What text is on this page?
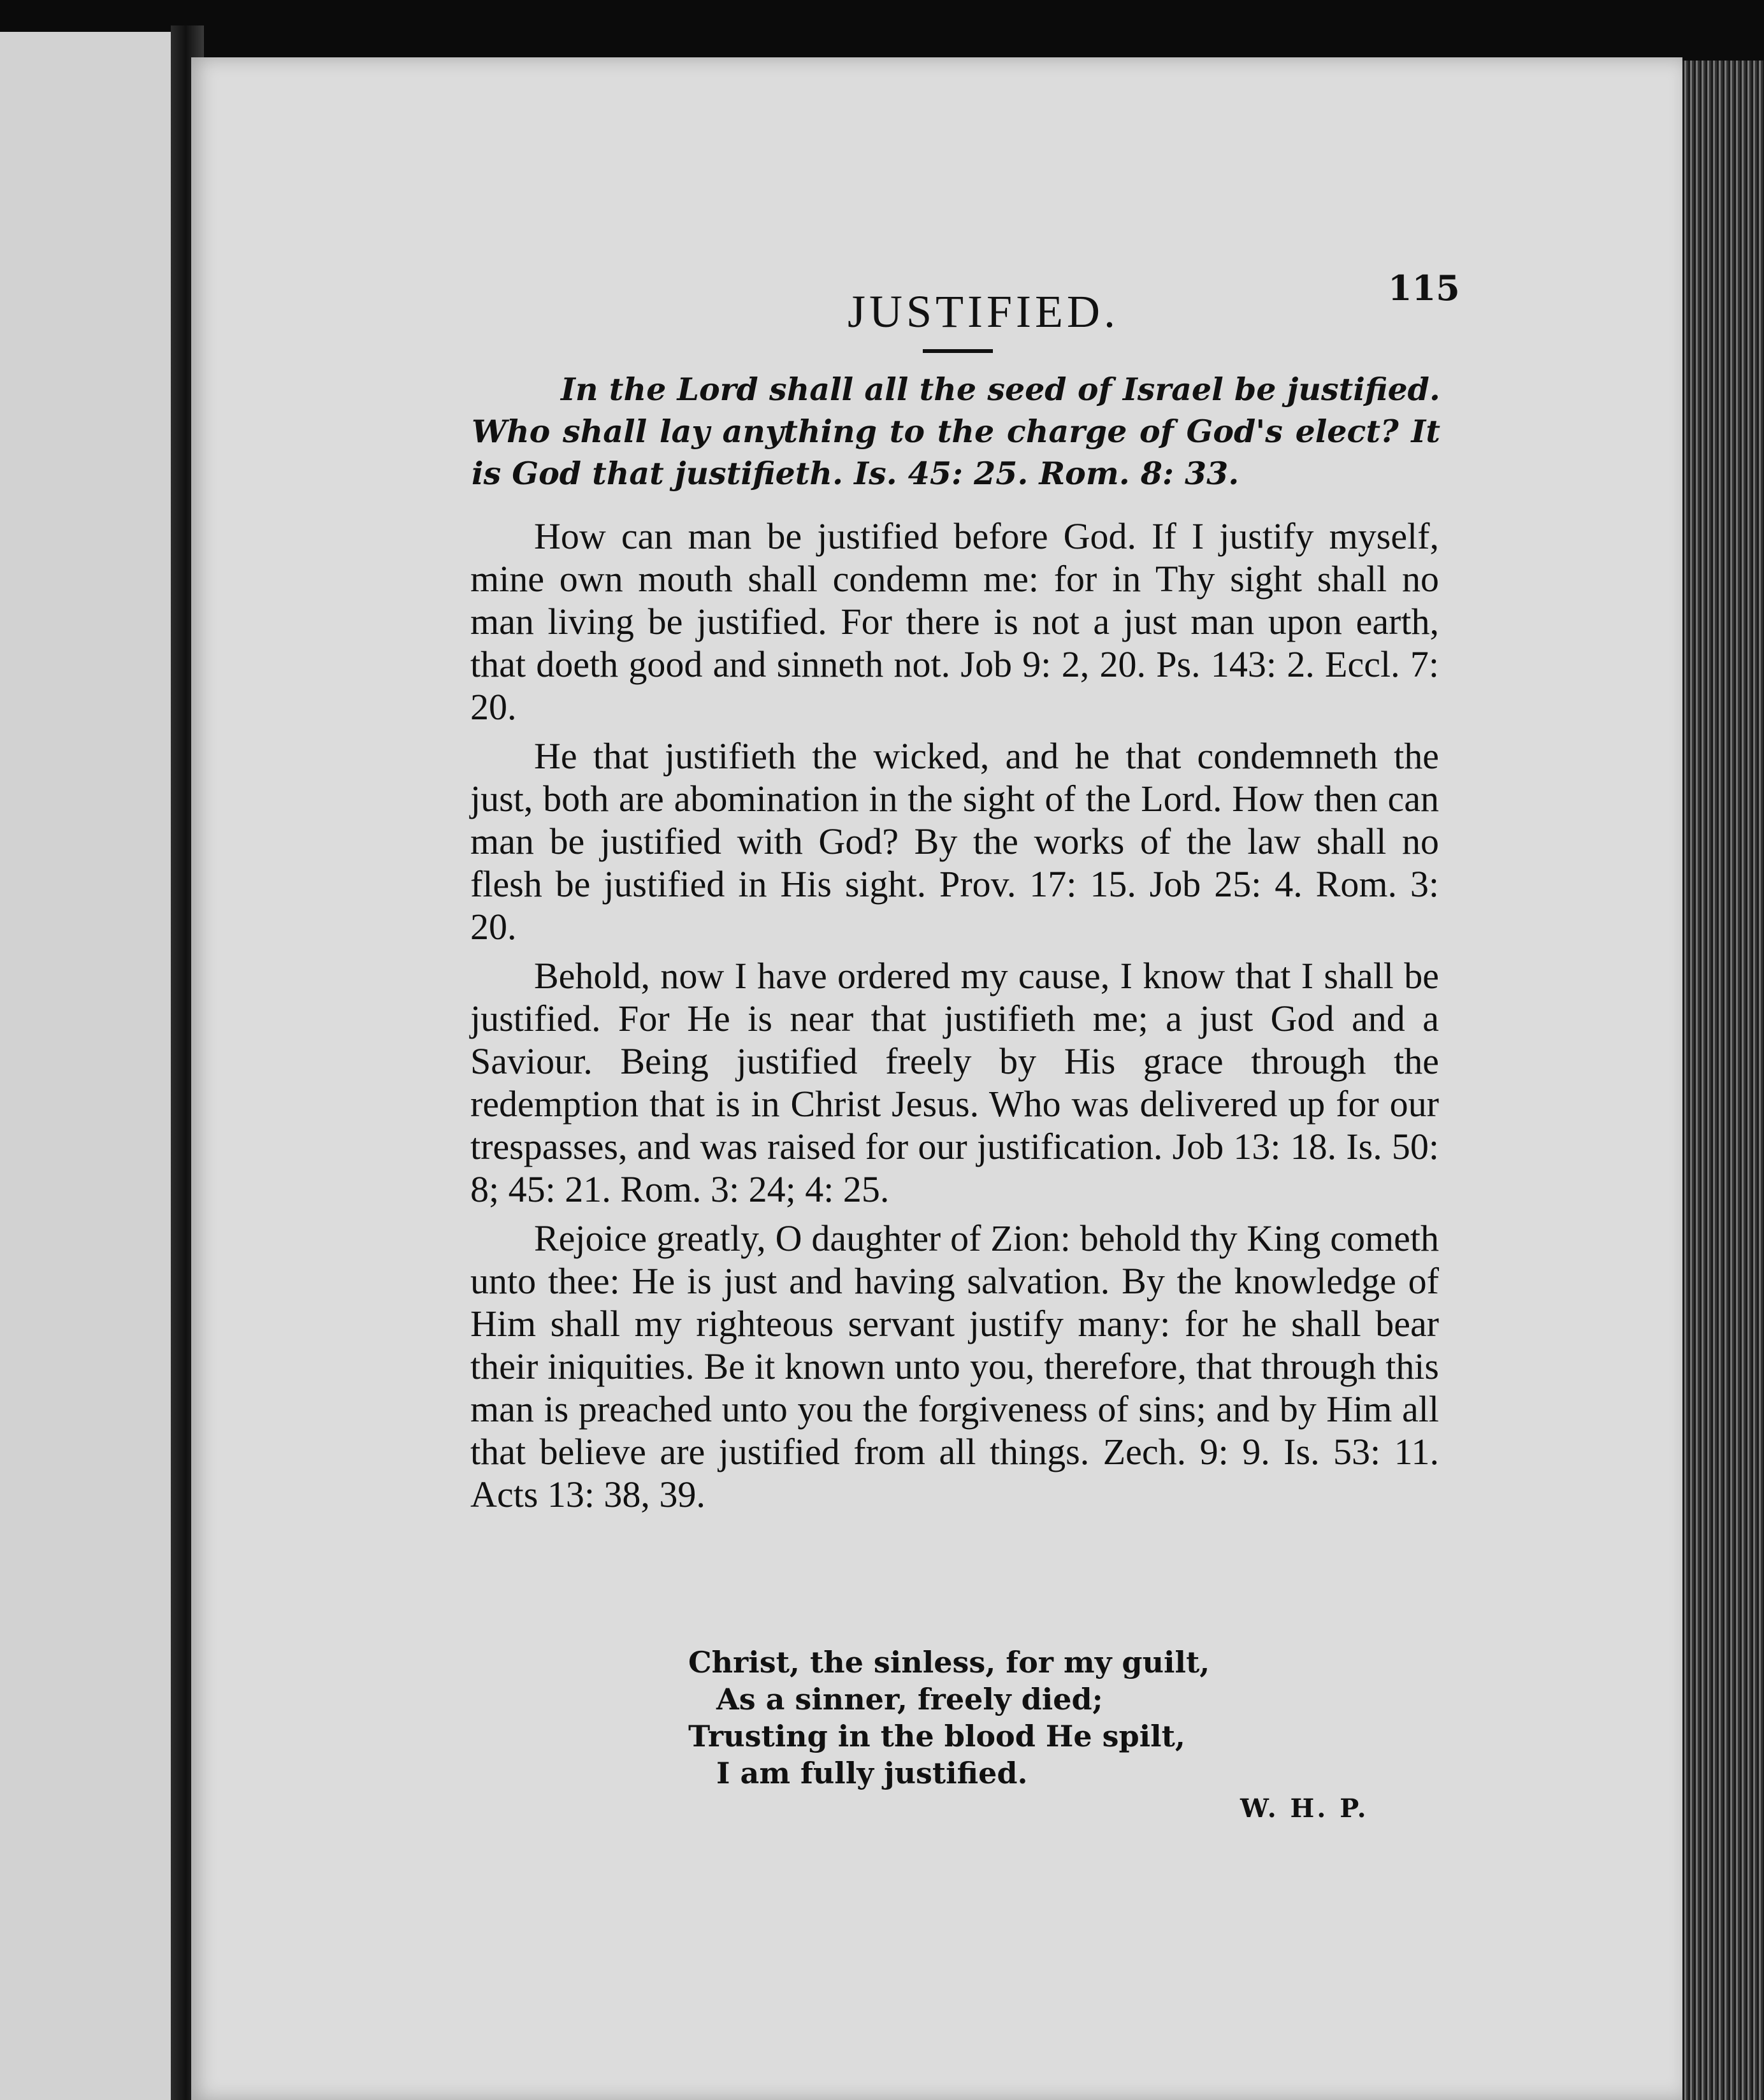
115
JUSTIFIED.
In the Lord shall all the seed of Israel be justified. Who shall lay anything to the charge of God's elect? It is God that justifieth. Is. 45: 25. Rom. 8: 33.

How can man be justified before God. If I justify myself, mine own mouth shall condemn me: for in Thy sight shall no man living be justified. For there is not a just man upon earth, that doeth good and sinneth not. Job 9: 2, 20. Ps. 143: 2. Eccl. 7: 20.

He that justifieth the wicked, and he that condemneth the just, both are abomination in the sight of the Lord. How then can man be justified with God? By the works of the law shall no flesh be justified in His sight. Prov. 17: 15. Job 25: 4. Rom. 3: 20.

Behold, now I have ordered my cause, I know that I shall be justified. For He is near that justifieth me; a just God and a Saviour. Being justified freely by His grace through the redemption that is in Christ Jesus. Who was delivered up for our trespasses, and was raised for our justification. Job 13: 18. Is. 50: 8; 45: 21. Rom. 3: 24; 4: 25.

Rejoice greatly, O daughter of Zion: behold thy King cometh unto thee: He is just and having salvation. By the knowledge of Him shall my righteous servant justify many: for he shall bear their iniquities. Be it known unto you, therefore, that through this man is preached unto you the forgiveness of sins; and by Him all that believe are justified from all things. Zech. 9: 9. Is. 53: 11. Acts 13: 38, 39.

Christ, the sinless, for my guilt,
As a sinner, freely died;
Trusting in the blood He spilt,
I am fully justified.
W. H. P.
